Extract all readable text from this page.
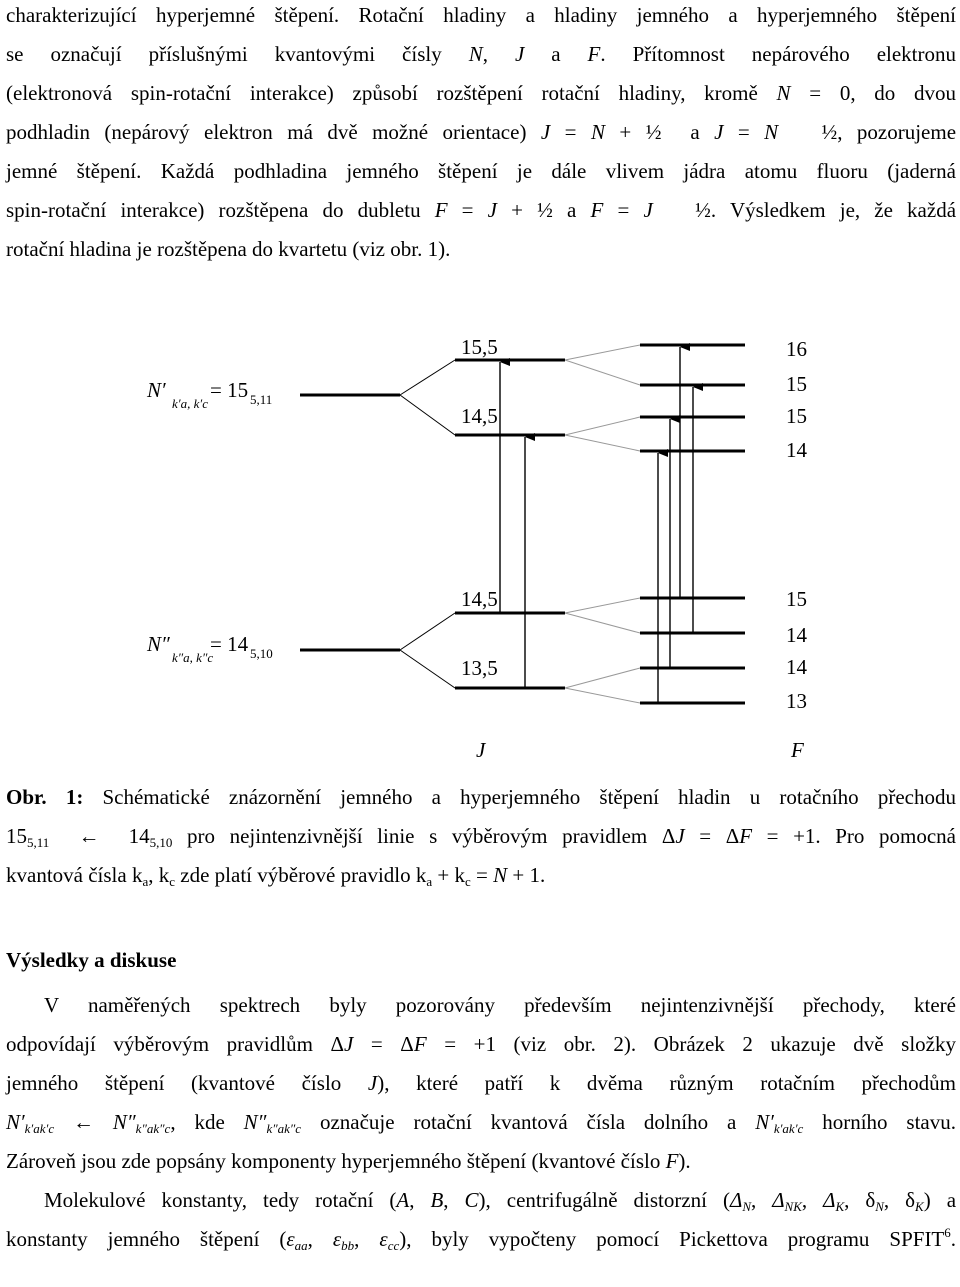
charakterizující hyperjemné štěpení. Rotační hladiny a hladiny jemného a hyperjemného štěpení
se označují příslušnými kvantovými čísly N, J a F. Přítomnost nepárového elektronu
(elektronová spin-rotační interakce) způsobí rozštěpení rotační hladiny, kromě N = 0, do dvou
podhladin (nepárový elektron má dvě možné orientace) J = N + ½  a J = N   ½, pozorujeme
jemné štěpení. Každá podhladina jemného štěpení je dále vlivem jádra atomu fluoru (jaderná
spin-rotační interakce) rozštěpena do dubletu F = J + ½ a F = J   ½. Výsledkem je, že každá
rotační hladina je rozštěpena do kvartetu (viz obr. 1).
N′
k′a, k′c
= 15 5,11
N″
k″a, k″c
= 14 5,10
15,5
14,5
14,5
13,5
16
15
15
14
15
14
14
13
J	F
Obr. 1: Schématické znázornění jemného a hyperjemného štěpení hladin u rotačního přechodu
$15_{5,11}$  ←  $14_{5,10}$ pro nejintenzivnější linie s výběrovým pravidlem ΔJ = ΔF = +1. Pro pomocná
kvantová čísla $k_a$, $k_c$ zde platí výběrové pravidlo $k_a + k_c = N + 1$.
Výsledky a diskuse
V naměřených spektrech byly pozorovány především nejintenzivnější přechody, které
odpovídají výběrovým pravidlům ΔJ = ΔF = +1 (viz obr. 2). Obrázek 2 ukazuje dvě složky
jemného štěpení (kvantové číslo J), které patří k dvěma různým rotačním přechodům
$N'_{k'ak'c}$ ← $N''_{k''ak''c}$, kde $N''_{k''ak''c}$ označuje rotační kvantová čísla dolního a $N'_{k'ak'c}$ horního stavu.
Zároveň jsou zde popsány komponenty hyperjemného štěpení (kvantové číslo F).
Molekulové konstanty, tedy rotační (A, B, C), centrifugálně distorzní ($\Delta_N$, $\Delta_{NK}$, $\Delta_K$, $\delta_N$, $\delta_K$) a
konstanty jemného štěpení ($\varepsilon_{aa}$, $\varepsilon_{bb}$, $\varepsilon_{cc}$), byly vypočteny pomocí Pickettova programu SPFIT$^6$.
